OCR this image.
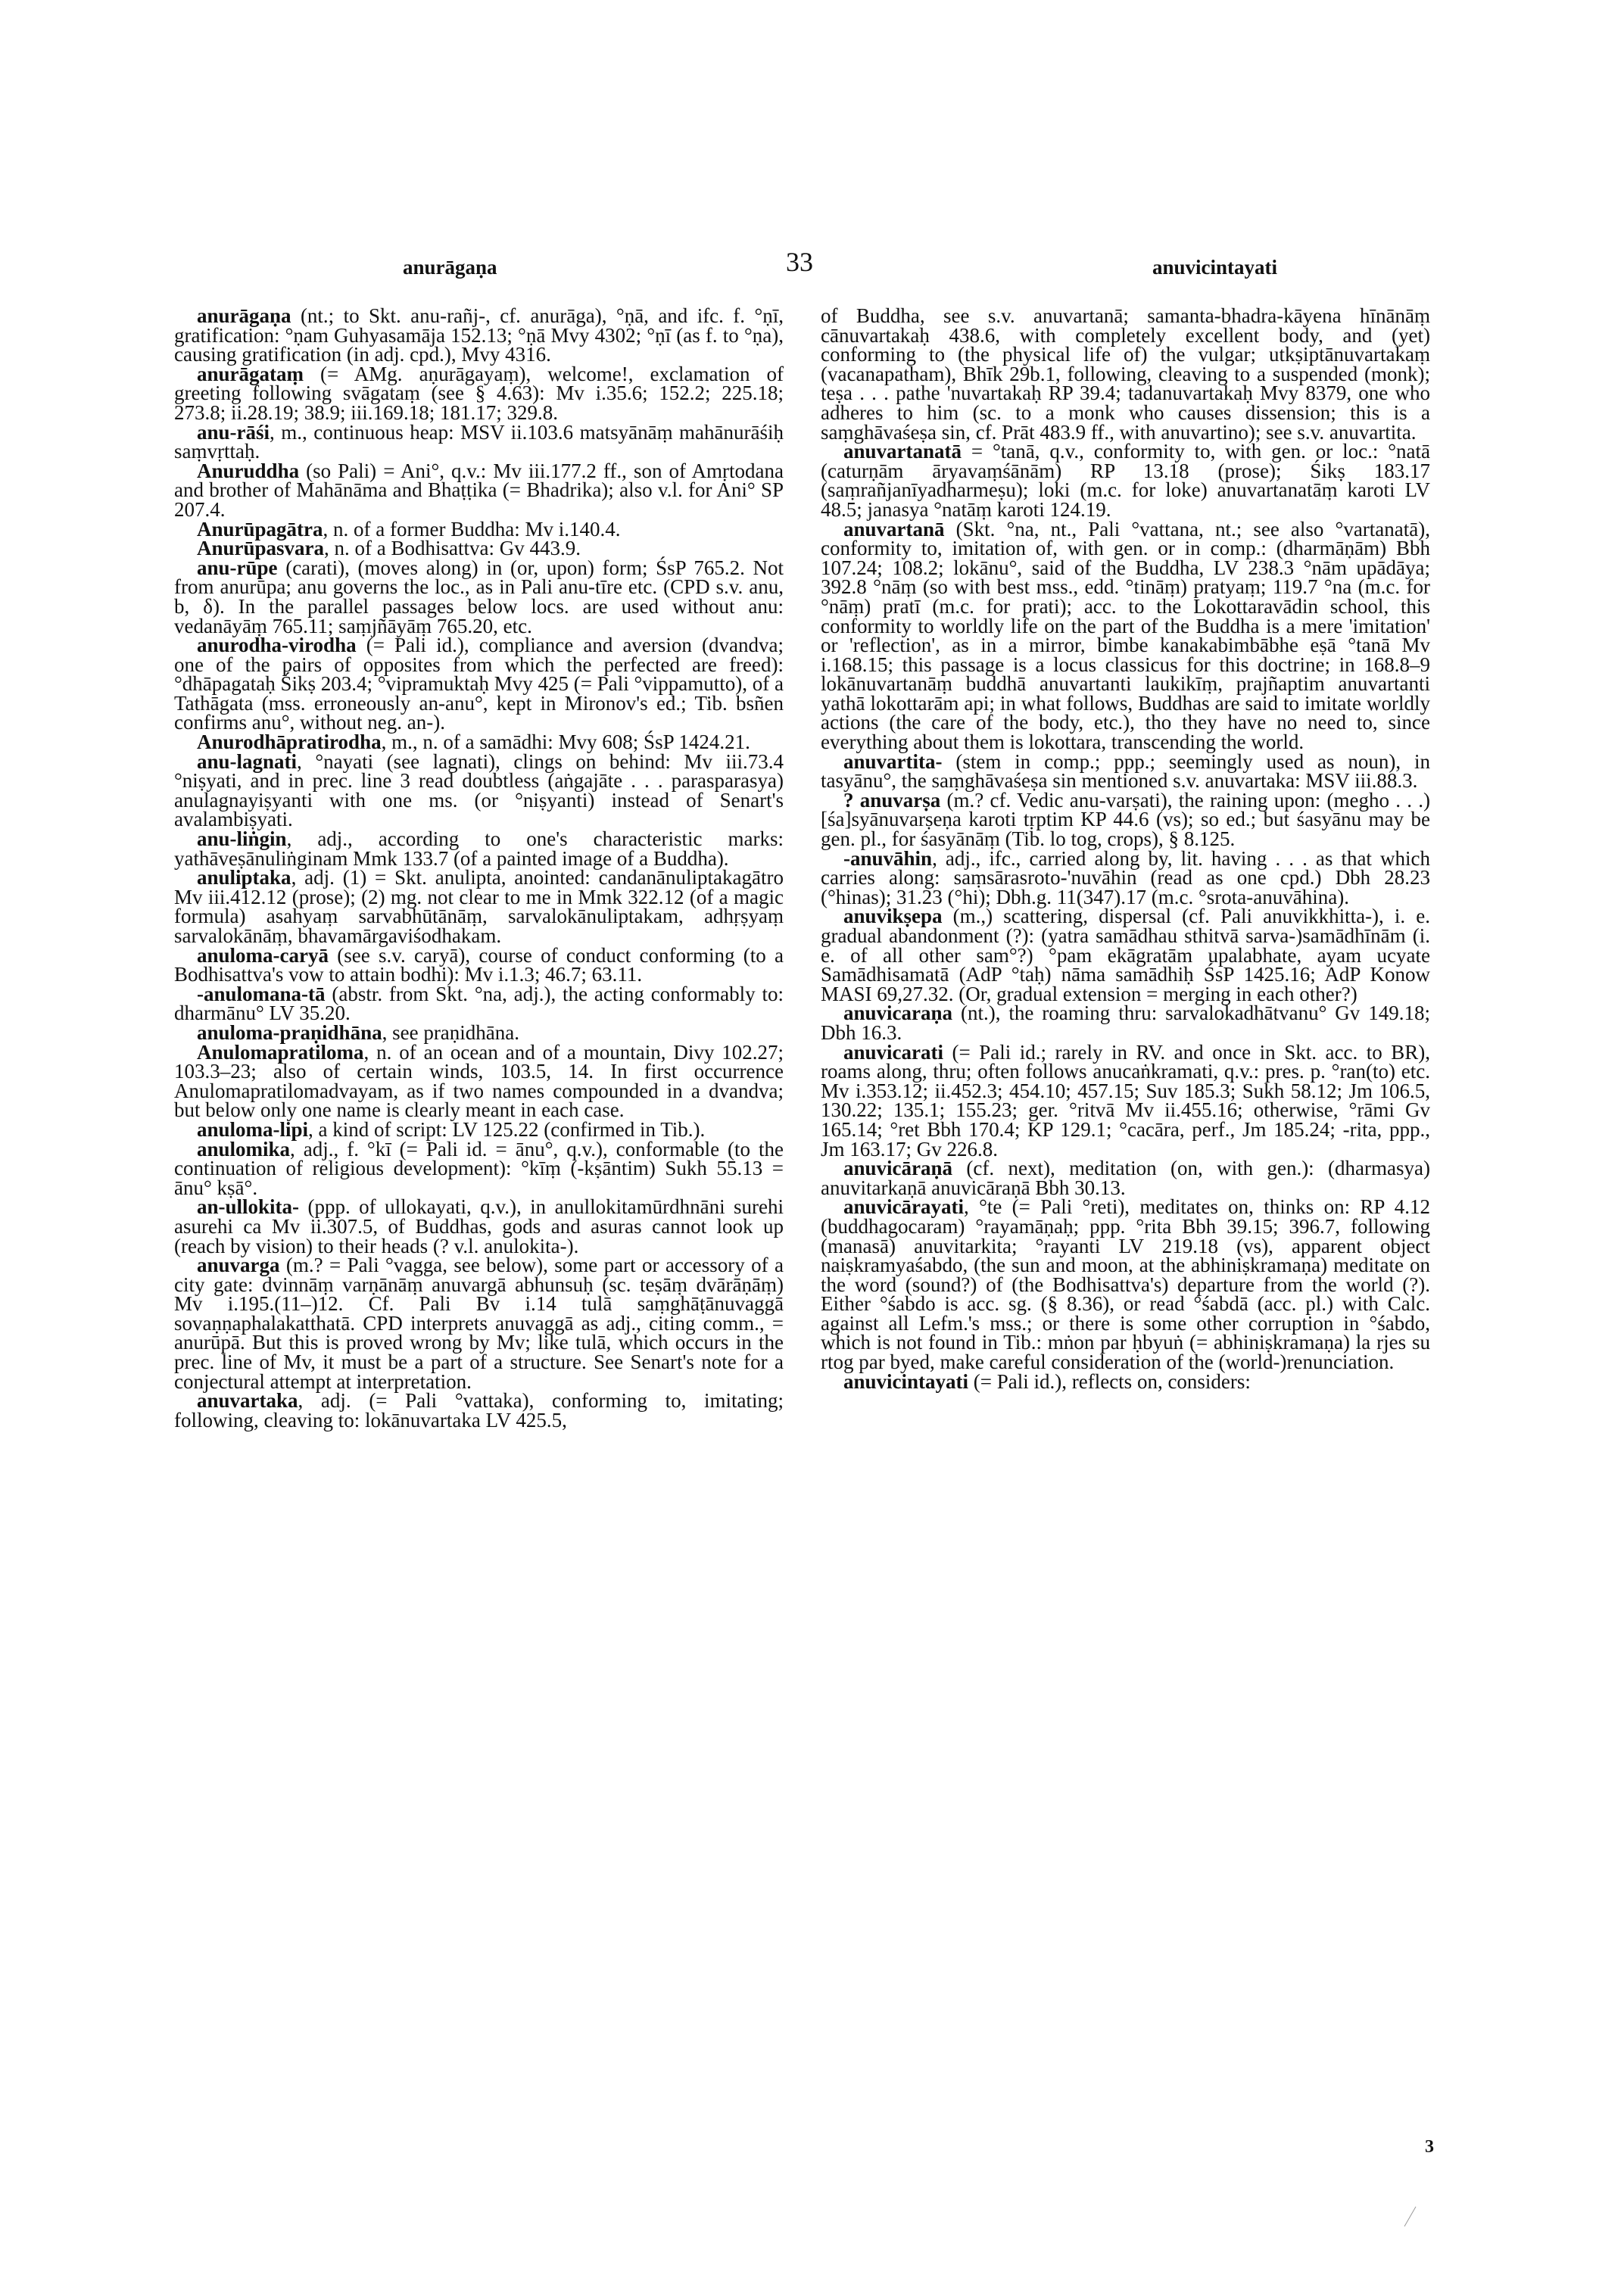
anurāgaṇa	33	anuvicintayati

anurāgaṇa (nt.; to Skt. anu-rañj-, cf. anurāga), °ṇā, and ifc. f. °ṇī, gratification: °ṇam Guhyasamāja 152.13; °ṇā Mvy 4302; °ṇī (as f. to °ṇa), causing gratification (in adj. cpd.), Mvy 4316.

anurāgataṃ (= AMg. aṇurāgayaṃ), welcome!, exclamation of greeting following svāgataṃ (see § 4.63): Mv i.35.6; 152.2; 225.18; 273.8; ii.28.19; 38.9; iii.169.18; 181.17; 329.8.

anu-rāśi, m., continuous heap: MSV ii.103.6 matsyānāṃ mahānurāśiḥ saṃvṛttaḥ.

Anuruddha (so Pali) = Ani°, q.v.: Mv iii.177.2 ff., son of Amṛtodana and brother of Mahānāma and Bhaṭṭika (= Bhadrika); also v.l. for Ani° SP 207.4.

Anurūpagātra, n. of a former Buddha: Mv i.140.4.

Anurūpasvara, n. of a Bodhisattva: Gv 443.9.

anu-rūpe (carati), (moves along) in (or, upon) form; ŚsP 765.2. Not from anurūpa; anu governs the loc., as in Pali anu-tīre etc. (CPD s.v. anu, b, δ). In the parallel passages below locs. are used without anu: vedanāyāṃ 765.11; saṃjñāyāṃ 765.20, etc.

anurodha-virodha (= Pali id.), compliance and aversion (dvandva; one of the pairs of opposites from which the perfected are freed): °dhāpagataḥ Śikṣ 203.4; °vipramuktaḥ Mvy 425 (= Pali °vippamutto), of a Tathāgata (mss. erroneously an-anu°, kept in Mironov's ed.; Tib. bsñen confirms anu°, without neg. an-).

Anurodhāpratirodha, m., n. of a samādhi: Mvy 608; ŚsP 1424.21.

anu-lagnati, °nayati (see lagnati), clings on behind: Mv iii.73.4 °niṣyati, and in prec. line 3 read doubtless (aṅgajāte . . . parasparasya) anulagnayiṣyanti with one ms. (or °niṣyanti) instead of Senart's avalambiṣyati.

anu-liṅgin, adj., according to one's characteristic marks: yathāveṣānuliṅginam Mmk 133.7 (of a painted image of a Buddha).

anuliptaka, adj. (1) = Skt. anulipta, anointed: candanānuliptakagātro Mv iii.412.12 (prose); (2) mg. not clear to me in Mmk 322.12 (of a magic formula) asahyaṃ sarvabhūtānāṃ, sarvalokānuliptakam, adhṛṣyaṃ sarvalokānāṃ, bhavamārgaviśodhakam.

anuloma-caryā (see s.v. caryā), course of conduct conforming (to a Bodhisattva's vow to attain bodhi): Mv i.1.3; 46.7; 63.11.

-anulomana-tā (abstr. from Skt. °na, adj.), the acting conformably to: dharmānu° LV 35.20.

anuloma-praṇidhāna, see praṇidhāna.

Anulomapratiloma, n. of an ocean and of a mountain, Divy 102.27; 103.3–23; also of certain winds, 103.5, 14. In first occurrence Anulomapratilomadvayam, as if two names compounded in a dvandva; but below only one name is clearly meant in each case.

anuloma-lipi, a kind of script: LV 125.22 (confirmed in Tib.).

anulomika, adj., f. °kī (= Pali id. = ānu°, q.v.), conformable (to the continuation of religious development): °kīṃ (-kṣāntim) Sukh 55.13 = ānu° kṣā°.

an-ullokita- (ppp. of ullokayati, q.v.), in anullokitamūrdhnāni surehi asurehi ca Mv ii.307.5, of Buddhas, gods and asuras cannot look up (reach by vision) to their heads (? v.l. anulokita-).

anuvarga (m.? = Pali °vagga, see below), some part or accessory of a city gate: dvinnāṃ varṇānāṃ anuvargā abhunsuḥ (sc. teṣāṃ dvārāṇāṃ) Mv i.195.(11–)12. Cf. Pali Bv i.14 tulā saṃghāṭānuvaggā sovaṇṇaphalakatthatā. CPD interprets anuvaggā as adj., citing comm., = anurūpā. But this is proved wrong by Mv; like tulā, which occurs in the prec. line of Mv, it must be a part of a structure. See Senart's note for a conjectural attempt at interpretation.

anuvartaka, adj. (= Pali °vattaka), conforming to, imitating; following, cleaving to: lokānuvartaka LV 425.5,

of Buddha, see s.v. anuvartanā; samanta-bhadra-kāyena hīnānāṃ cānuvartakaḥ 438.6, with completely excellent body, and (yet) conforming to (the physical life of) the vulgar; utkṣiptānuvartakaṃ (vacanapatham), Bhīk 29b.1, following, cleaving to a suspended (monk); teṣa . . . pathe 'nuvartakaḥ RP 39.4; tadanuvartakaḥ Mvy 8379, one who adheres to him (sc. to a monk who causes dissension; this is a saṃghāvaśeṣa sin, cf. Prāt 483.9 ff., with anuvartino); see s.v. anuvartita.

anuvartanatā = °tanā, q.v., conformity to, with gen. or loc.: °natā (caturṇām āryavaṃśānām) RP 13.18 (prose); Śikṣ 183.17 (saṃrañjanīyadharmeṣu); loki (m.c. for loke) anuvartanatāṃ karoti LV 48.5; janasya °natāṃ karoti 124.19.

anuvartanā (Skt. °na, nt., Pali °vattana, nt.; see also °vartanatā), conformity to, imitation of, with gen. or in comp.: (dharmāṇām) Bbh 107.24; 108.2; lokānu°, said of the Buddha, LV 238.3 °nām upādāya; 392.8 °nāṃ (so with best mss., edd. °tināṃ) pratyaṃ; 119.7 °na (m.c. for °nāṃ) pratī (m.c. for prati); acc. to the Lokottaravādin school, this conformity to worldly life on the part of the Buddha is a mere 'imitation' or 'reflection', as in a mirror, bimbe kanakabimbābhe eṣā °tanā Mv i.168.15; this passage is a locus classicus for this doctrine; in 168.8–9 lokānuvartanāṃ buddhā anuvartanti laukikīṃ, prajñaptim anuvartanti yathā lokottarām api; in what follows, Buddhas are said to imitate worldly actions (the care of the body, etc.), tho they have no need to, since everything about them is lokottara, transcending the world.

anuvartita- (stem in comp.; ppp.; seemingly used as noun), in tasyānu°, the saṃghāvaśeṣa sin mentioned s.v. anuvartaka: MSV iii.88.3.

? anuvarṣa (m.? cf. Vedic anu-varṣati), the raining upon: (megho . . .) [śa]syānuvarṣeṇa karoti tṛptim KP 44.6 (vs); so ed.; but śasyānu may be gen. pl., for śasyānāṃ (Tib. lo tog, crops), § 8.125.

-anuvāhin, adj., ifc., carried along by, lit. having . . . as that which carries along: saṃsārasroto-'nuvāhin (read as one cpd.) Dbh 28.23 (°hinas); 31.23 (°hi); Dbh.g. 11(347).17 (m.c. °srota-anuvāhina).

anuvikṣepa (m.,) scattering, dispersal (cf. Pali anuvikkhitta-), i. e. gradual abandonment (?): (yatra samādhau sthitvā sarva-)samādhīnām (i. e. of all other sam°?) °pam ekāgratām upalabhate, ayam ucyate Samādhisamatā (AdP °taḥ) nāma samādhiḥ ŚsP 1425.16; AdP Konow MASI 69,27.32. (Or, gradual extension = merging in each other?)

anuvicaraṇa (nt.), the roaming thru: sarvalokadhātvanu° Gv 149.18; Dbh 16.3.

anuvicarati (= Pali id.; rarely in RV. and once in Skt. acc. to BR), roams along, thru; often follows anucaṅkramati, q.v.: pres. p. °ran(to) etc. Mv i.353.12; ii.452.3; 454.10; 457.15; Suv 185.3; Sukh 58.12; Jm 106.5, 130.22; 135.1; 155.23; ger. °ritvā Mv ii.455.16; otherwise, °rāmi Gv 165.14; °ret Bbh 170.4; KP 129.1; °cacāra, perf., Jm 185.24; -rita, ppp., Jm 163.17; Gv 226.8.

anuvicāraṇā (cf. next), meditation (on, with gen.): (dharmasya) anuvitarkaṇā anuvicāraṇā Bbh 30.13.

anuvicārayati, °te (= Pali °reti), meditates on, thinks on: RP 4.12 (buddhagocaram) °rayamāṇaḥ; ppp. °rita Bbh 39.15; 396.7, following (manasā) anuvitarkita; °rayanti LV 219.18 (vs), apparent object naiṣkramyaśabdo, (the sun and moon, at the abhiniṣkramaṇa) meditate on the word (sound?) of (the Bodhisattva's) departure from the world (?). Either °śabdo is acc. sg. (§ 8.36), or read °śabdā (acc. pl.) with Calc. against all Lefm.'s mss.; or there is some other corruption in °śabdo, which is not found in Tib.: mṅon par ḥbyuṅ (= abhiniṣkramaṇa) la rjes su rtog par byed, make careful consideration of the (world-)renunciation.

anuvicintayati (= Pali id.), reflects on, considers:

3
